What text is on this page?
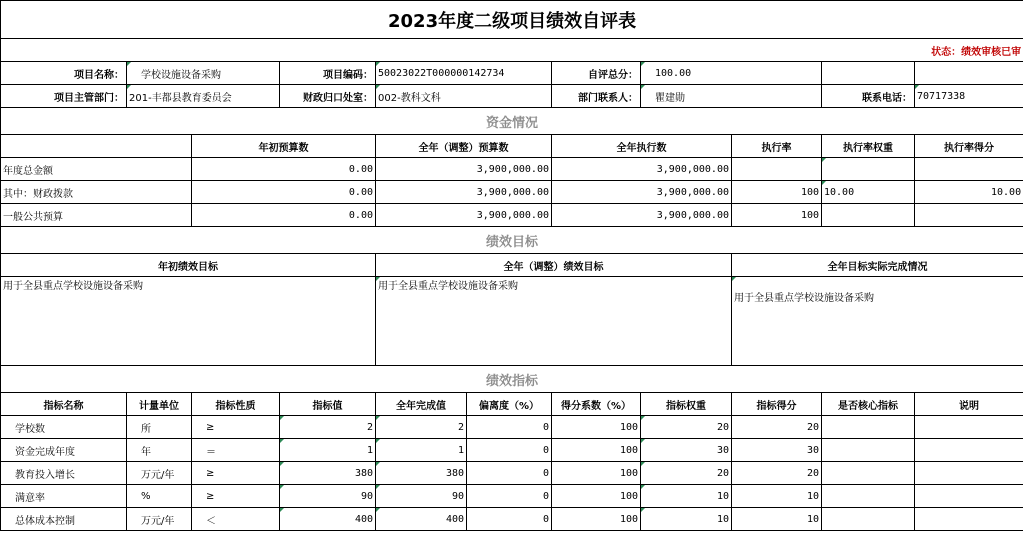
2023年度二级项目绩效自评表										
状态：绩效审核已审										
项目名称：	学校设施设备采购		项目编码：	50023022T000000142734		自评总分：	100.00			
项目主管部门：	201-丰都县教育委员会		财政归口处室：	002-教科文科		部门联系人：	瞿建勋		联系电话：	70717338
资金情况										
		年初预算数		全年（调整）预算数		全年执行数		执行率	执行率权重	执行率得分
年度总金额		0.00		3,900,000.00		3,900,000.00				
其中：财政拨款		0.00		3,900,000.00		3,900,000.00		100	10.00	10.00
一般公共预算		0.00		3,900,000.00		3,900,000.00		100		
绩效目标										
年初绩效目标				全年（调整）绩效目标				全年目标实际完成情况		
用于全县重点学校设施设备采购				用于全县重点学校设施设备采购				用于全县重点学校设施设备采购		
绩效指标										
指标名称	计量单位	指标性质	指标值	全年完成值	偏离度（%）	得分系数（%）	指标权重	指标得分	是否核心指标	说明
学校数	所	≥	2	2	0	100	20	20		
资金完成年度	年	＝	1	1	0	100	30	30		
教育投入增长	万元/年	≥	380	380	0	100	20	20		
满意率	%	≥	90	90	0	100	10	10		
总体成本控制	万元/年	＜	400	400	0	100	10	10		
